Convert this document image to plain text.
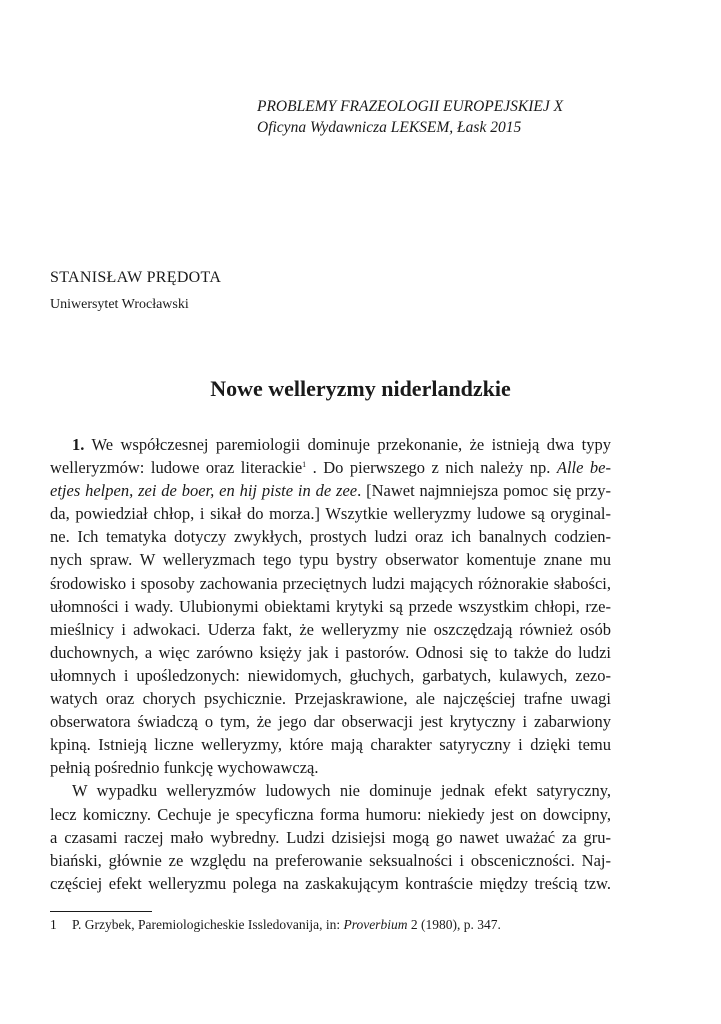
PROBLEMY FRAZEOLOGII EUROPEJSKIEJ X
Oficyna Wydawnicza LEKSEM, Łask 2015
STANISŁAW PRĘDOTA
Uniwersytet Wrocławski
Nowe welleryzmy niderlandzkie
1. We współczesnej paremiologii dominuje przekonanie, że istnieją dwa typy
welleryzmów: ludowe oraz literackie$^1$ . Do pierwszego z nich należy np. Alle be-
etjes helpen, zei de boer, en hij piste in de zee. [Nawet najmniejsza pomoc się przy-
da, powiedział chłop, i sikał do morza.] Wszytkie welleryzmy ludowe są oryginal-
ne. Ich tematyka dotyczy zwykłych, prostych ludzi oraz ich banalnych codzien-
nych spraw. W welleryzmach tego typu bystry obserwator komentuje znane mu
środowisko i sposoby zachowania przeciętnych ludzi mających różnorakie słabości,
ułomności i wady. Ulubionymi obiektami krytyki są przede wszystkim chłopi, rze-
mieślnicy i adwokaci. Uderza fakt, że welleryzmy nie oszczędzają również osób
duchownych, a więc zarówno księży jak i pastorów. Odnosi się to także do ludzi
ułomnych i upośledzonych: niewidomych, głuchych, garbatych, kulawych, zezo-
watych oraz chorych psychicznie. Przejaskrawione, ale najczęściej trafne uwagi
obserwatora świadczą o tym, że jego dar obserwacji jest krytyczny i zabarwiony
kpiną. Istnieją liczne welleryzmy, które mają charakter satyryczny i dzięki temu
pełnią pośrednio funkcję wychowawczą.
W wypadku welleryzmów ludowych nie dominuje jednak efekt satyryczny,
lecz komiczny. Cechuje je specyficzna forma humoru: niekiedy jest on dowcipny,
a czasami raczej mało wybredny. Ludzi dzisiejsi mogą go nawet uważać za gru-
biański, głównie ze względu na preferowanie seksualności i obsceniczności. Naj-
częściej efekt welleryzmu polega na zaskakującym kontraście między treścią tzw.
1 P. Grzybek, Paremiologicheskie Issledovanija, in: Proverbium 2 (1980), p. 347.
